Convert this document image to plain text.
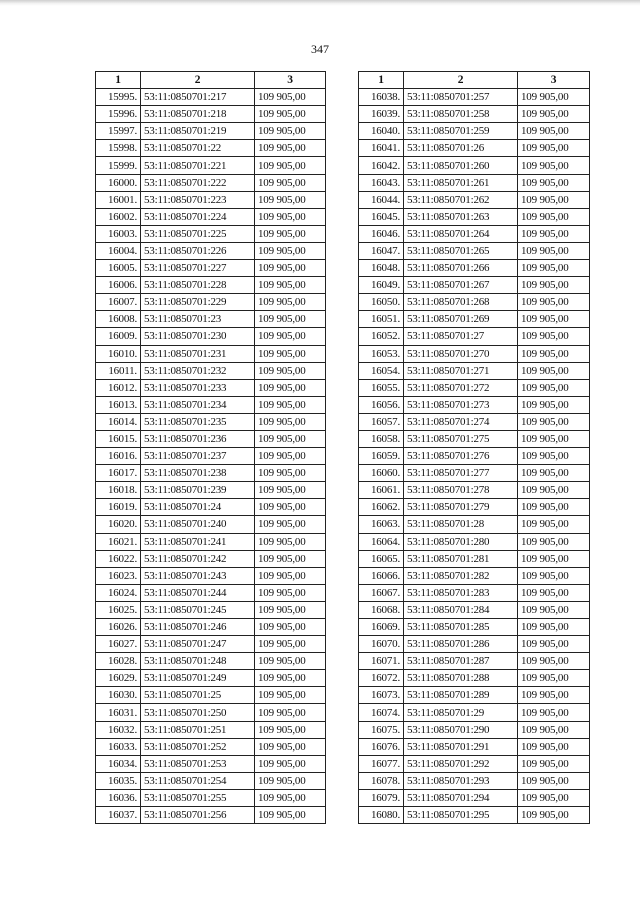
347
1	2	3
15995.	53:11:0850701:217	109 905,00
15996.	53:11:0850701:218	109 905,00
15997.	53:11:0850701:219	109 905,00
15998.	53:11:0850701:22	109 905,00
15999.	53:11:0850701:221	109 905,00
16000.	53:11:0850701:222	109 905,00
16001.	53:11:0850701:223	109 905,00
16002.	53:11:0850701:224	109 905,00
16003.	53:11:0850701:225	109 905,00
16004.	53:11:0850701:226	109 905,00
16005.	53:11:0850701:227	109 905,00
16006.	53:11:0850701:228	109 905,00
16007.	53:11:0850701:229	109 905,00
16008.	53:11:0850701:23	109 905,00
16009.	53:11:0850701:230	109 905,00
16010.	53:11:0850701:231	109 905,00
16011.	53:11:0850701:232	109 905,00
16012.	53:11:0850701:233	109 905,00
16013.	53:11:0850701:234	109 905,00
16014.	53:11:0850701:235	109 905,00
16015.	53:11:0850701:236	109 905,00
16016.	53:11:0850701:237	109 905,00
16017.	53:11:0850701:238	109 905,00
16018.	53:11:0850701:239	109 905,00
16019.	53:11:0850701:24	109 905,00
16020.	53:11:0850701:240	109 905,00
16021.	53:11:0850701:241	109 905,00
16022.	53:11:0850701:242	109 905,00
16023.	53:11:0850701:243	109 905,00
16024.	53:11:0850701:244	109 905,00
16025.	53:11:0850701:245	109 905,00
16026.	53:11:0850701:246	109 905,00
16027.	53:11:0850701:247	109 905,00
16028.	53:11:0850701:248	109 905,00
16029.	53:11:0850701:249	109 905,00
16030.	53:11:0850701:25	109 905,00
16031.	53:11:0850701:250	109 905,00
16032.	53:11:0850701:251	109 905,00
16033.	53:11:0850701:252	109 905,00
16034.	53:11:0850701:253	109 905,00
16035.	53:11:0850701:254	109 905,00
16036.	53:11:0850701:255	109 905,00
16037.	53:11:0850701:256	109 905,00
1	2	3
16038.	53:11:0850701:257	109 905,00
16039.	53:11:0850701:258	109 905,00
16040.	53:11:0850701:259	109 905,00
16041.	53:11:0850701:26	109 905,00
16042.	53:11:0850701:260	109 905,00
16043.	53:11:0850701:261	109 905,00
16044.	53:11:0850701:262	109 905,00
16045.	53:11:0850701:263	109 905,00
16046.	53:11:0850701:264	109 905,00
16047.	53:11:0850701:265	109 905,00
16048.	53:11:0850701:266	109 905,00
16049.	53:11:0850701:267	109 905,00
16050.	53:11:0850701:268	109 905,00
16051.	53:11:0850701:269	109 905,00
16052.	53:11:0850701:27	109 905,00
16053.	53:11:0850701:270	109 905,00
16054.	53:11:0850701:271	109 905,00
16055.	53:11:0850701:272	109 905,00
16056.	53:11:0850701:273	109 905,00
16057.	53:11:0850701:274	109 905,00
16058.	53:11:0850701:275	109 905,00
16059.	53:11:0850701:276	109 905,00
16060.	53:11:0850701:277	109 905,00
16061.	53:11:0850701:278	109 905,00
16062.	53:11:0850701:279	109 905,00
16063.	53:11:0850701:28	109 905,00
16064.	53:11:0850701:280	109 905,00
16065.	53:11:0850701:281	109 905,00
16066.	53:11:0850701:282	109 905,00
16067.	53:11:0850701:283	109 905,00
16068.	53:11:0850701:284	109 905,00
16069.	53:11:0850701:285	109 905,00
16070.	53:11:0850701:286	109 905,00
16071.	53:11:0850701:287	109 905,00
16072.	53:11:0850701:288	109 905,00
16073.	53:11:0850701:289	109 905,00
16074.	53:11:0850701:29	109 905,00
16075.	53:11:0850701:290	109 905,00
16076.	53:11:0850701:291	109 905,00
16077.	53:11:0850701:292	109 905,00
16078.	53:11:0850701:293	109 905,00
16079.	53:11:0850701:294	109 905,00
16080.	53:11:0850701:295	109 905,00
